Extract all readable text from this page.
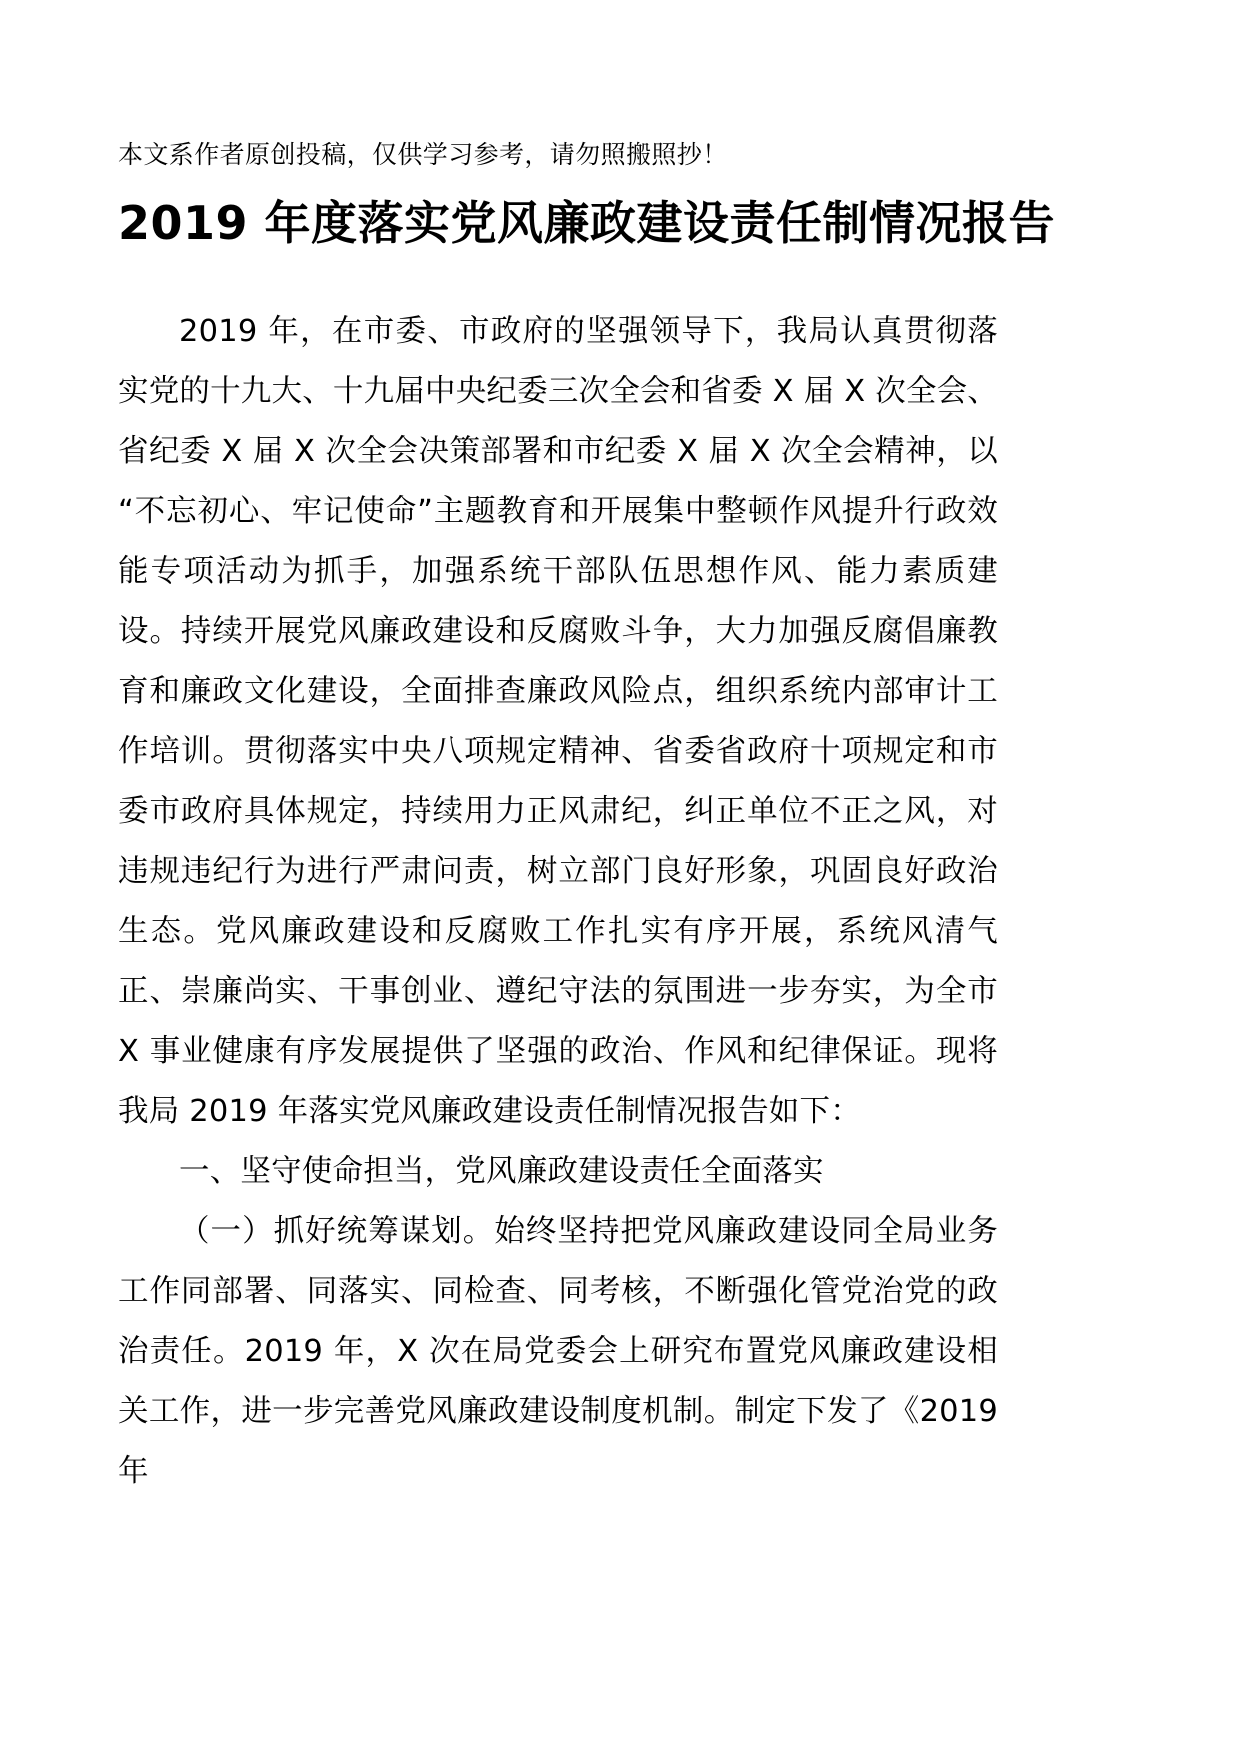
本文系作者原创投稿，仅供学习参考，请勿照搬照抄！
2019 年度落实党风廉政建设责任制情况报告

2019 年，在市委、市政府的坚强领导下，我局认真贯彻落实党的十九大、十九届中央纪委三次全会和省委 X 届 X 次全会、省纪委 X 届 X 次全会决策部署和市纪委 X 届 X 次全会精神，以“不忘初心、牢记使命”主题教育和开展集中整顿作风提升行政效能专项活动为抓手，加强系统干部队伍思想作风、能力素质建设。持续开展党风廉政建设和反腐败斗争，大力加强反腐倡廉教育和廉政文化建设，全面排查廉政风险点，组织系统内部审计工作培训。贯彻落实中央八项规定精神、省委省政府十项规定和市委市政府具体规定，持续用力正风肃纪，纠正单位不正之风，对违规违纪行为进行严肃问责，树立部门良好形象，巩固良好政治生态。党风廉政建设和反腐败工作扎实有序开展，系统风清气正、崇廉尚实、干事创业、遵纪守法的氛围进一步夯实，为全市 X 事业健康有序发展提供了坚强的政治、作风和纪律保证。现将我局 2019 年落实党风廉政建设责任制情况报告如下：

一、坚守使命担当，党风廉政建设责任全面落实

（一）抓好统筹谋划。始终坚持把党风廉政建设同全局业务工作同部署、同落实、同检查、同考核，不断强化管党治党的政治责任。2019 年，X 次在局党委会上研究布置党风廉政建设相关工作，进一步完善党风廉政建设制度机制。制定下发了《2019 年
